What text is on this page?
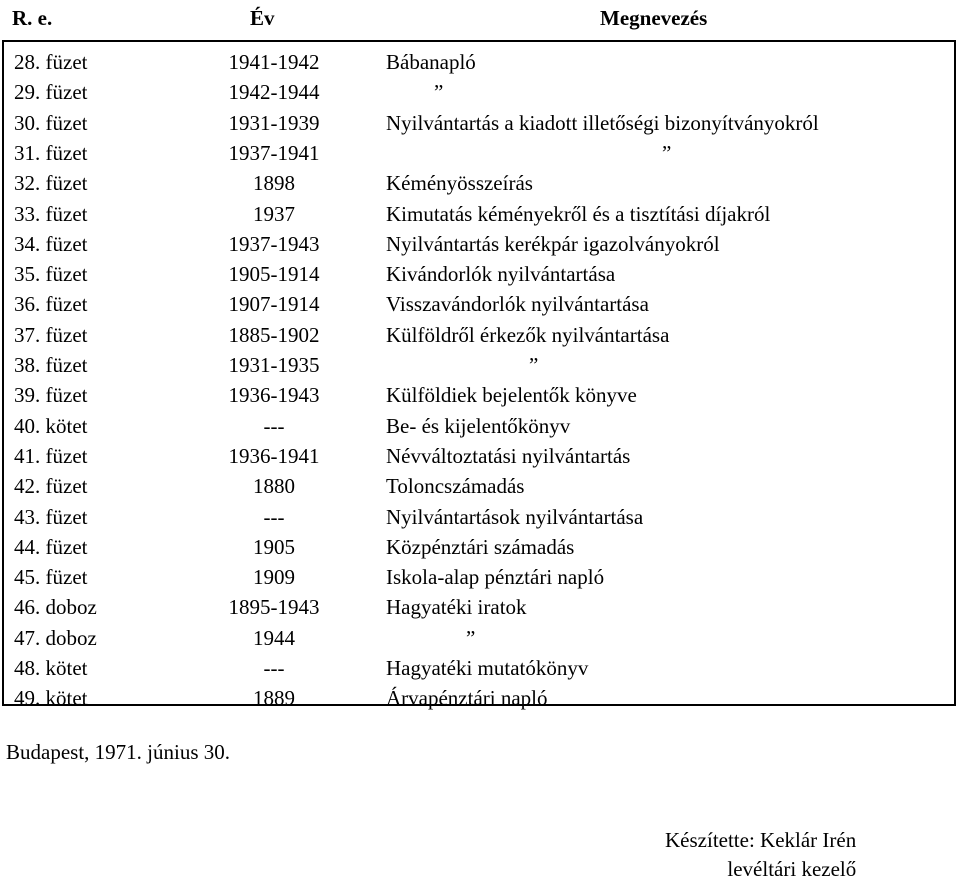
R. e.	Év	Megnevezés
28. füzet	1941-1942	Bábanapló
29. füzet	1942-1944	”
30. füzet	1931-1939	Nyilvántartás a kiadott illetőségi bizonyítványokról
31. füzet	1937-1941	”
32. füzet	1898	Kéményösszeírás
33. füzet	1937	Kimutatás kéményekről és a tisztítási díjakról
34. füzet	1937-1943	Nyilvántartás kerékpár igazolványokról
35. füzet	1905-1914	Kivándorlók nyilvántartása
36. füzet	1907-1914	Visszavándorlók nyilvántartása
37. füzet	1885-1902	Külföldről érkezők nyilvántartása
38. füzet	1931-1935	”
39. füzet	1936-1943	Külföldiek bejelentők könyve
40. kötet	---	Be- és kijelentőkönyv
41. füzet	1936-1941	Névváltoztatási nyilvántartás
42. füzet	1880	Toloncszámadás
43. füzet	---	Nyilvántartások nyilvántartása
44. füzet	1905	Közpénztári számadás
45. füzet	1909	Iskola-alap pénztári napló
46. doboz	1895-1943	Hagyatéki iratok
47. doboz	1944	”
48. kötet	---	Hagyatéki mutatókönyv
49. kötet	1889	Árvapénztári napló
Budapest, 1971. június 30.
Készítette: Keklár Irén
levéltári kezelő
